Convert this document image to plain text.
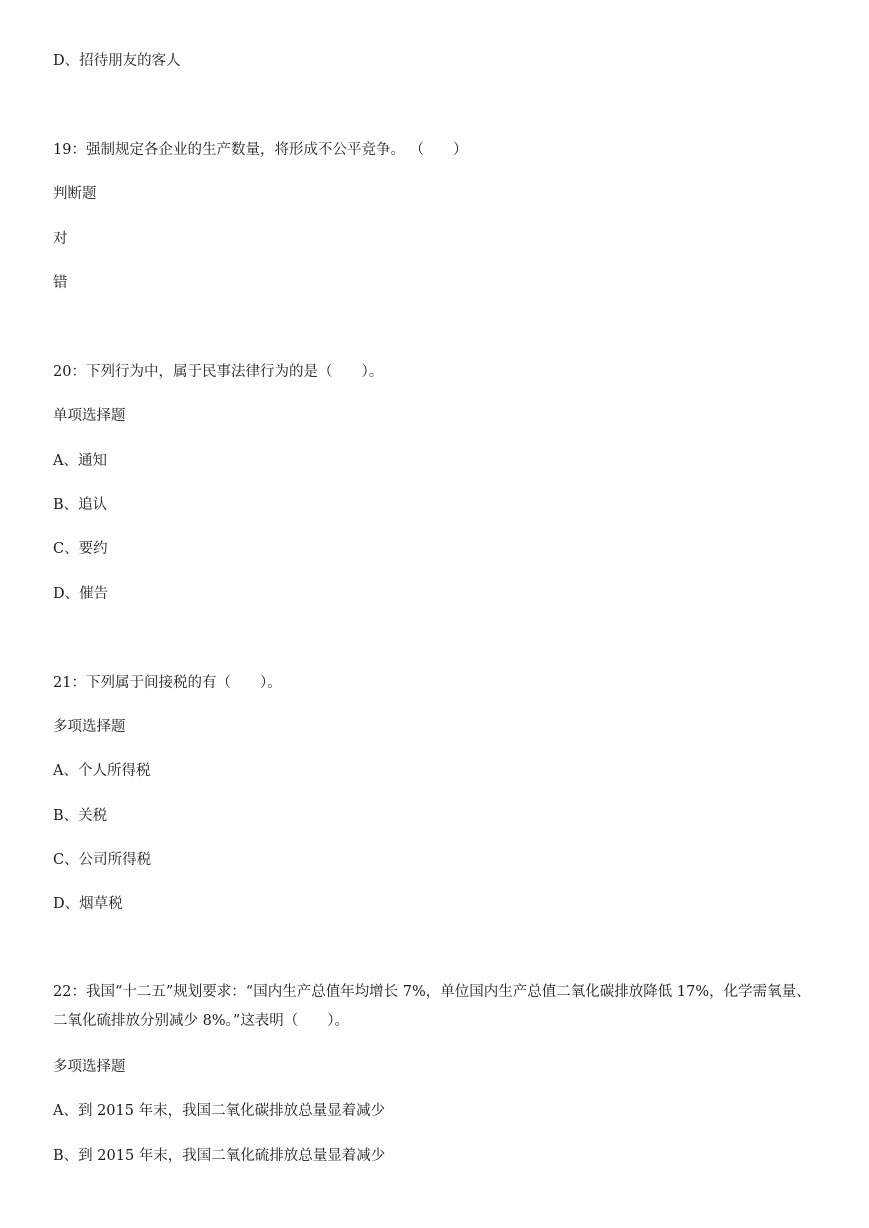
D、招待朋友的客人
19：强制规定各企业的生产数量，将形成不公平竞争。 （　　）
判断题
对
错
20：下列行为中，属于民事法律行为的是（　　）。
单项选择题
A、通知
B、追认
C、要约
D、催告
21：下列属于间接税的有（　　）。
多项选择题
A、个人所得税
B、关税
C、公司所得税
D、烟草税
22：我国“十二五”规划要求：“国内生产总值年均增长 7%，单位国内生产总值二氧化碳排放降低 17%，化学需氧量、二氧化硫排放分别减少 8%。”这表明（　　）。
多项选择题
A、到 2015 年末，我国二氧化碳排放总量显着减少
B、到 2015 年末，我国二氧化硫排放总量显着减少
